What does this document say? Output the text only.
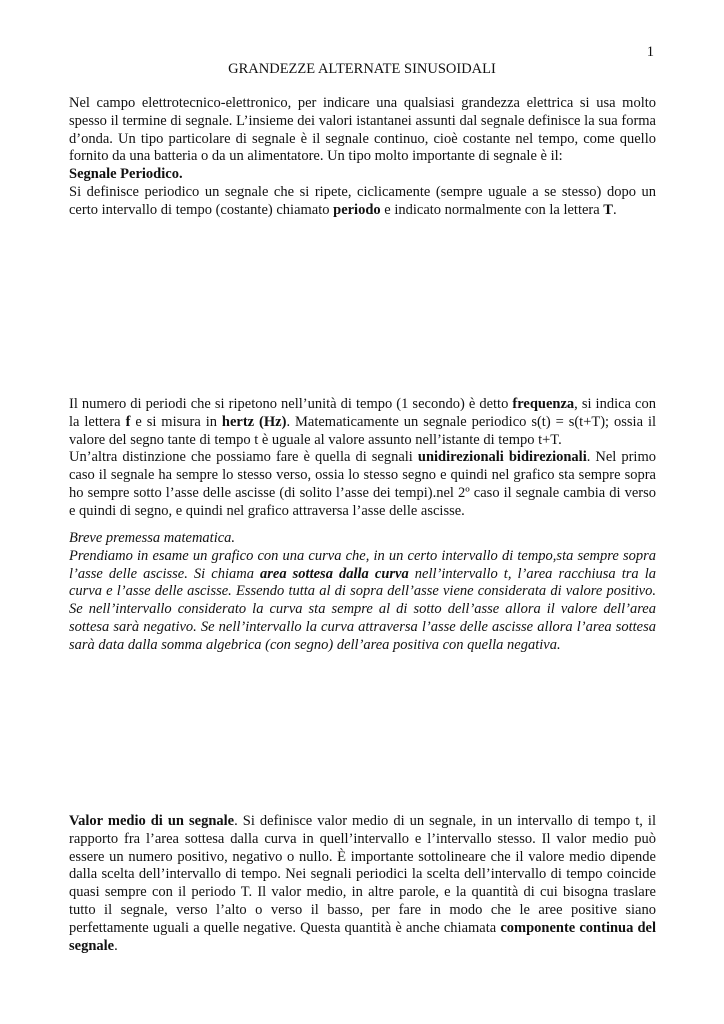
1
GRANDEZZE ALTERNATE SINUSOIDALI
Nel campo elettrotecnico-elettronico, per indicare una qualsiasi grandezza elettrica si usa molto spesso il termine di segnale. L’insieme dei valori istantanei assunti dal segnale definisce la sua forma d’onda. Un tipo particolare di segnale è il segnale continuo, cioè costante nel tempo, come quello fornito da una batteria o da un alimentatore. Un tipo molto importante di segnale è il:
Segnale Periodico.
Si definisce periodico un segnale che si ripete, ciclicamente (sempre uguale a se stesso) dopo un certo intervallo di tempo (costante) chiamato periodo e indicato normalmente con la lettera T.
Il numero di periodi che si ripetono nell’unità di tempo (1 secondo) è detto frequenza, si indica con la lettera f e si misura in hertz (Hz). Matematicamente un segnale periodico s(t) = s(t+T); ossia il valore del segno tante di tempo t è uguale al valore assunto nell’istante di tempo t+T.
Un’altra distinzione che possiamo fare è quella di segnali unidirezionali bidirezionali. Nel primo caso il segnale ha sempre lo stesso verso, ossia lo stesso segno e quindi nel grafico sta sempre sopra ho sempre sotto l’asse delle ascisse (di solito l’asse dei tempi).nel 2º caso il segnale cambia di verso e quindi di segno, e quindi nel grafico attraversa l’asse delle ascisse.
Breve premessa matematica.
Prendiamo in esame un grafico con una curva che, in un certo intervallo di tempo,sta sempre sopra l’asse delle ascisse. Si chiama area sottesa dalla curva nell’intervallo t, l’area racchiusa tra la curva e l’asse delle ascisse. Essendo tutta al di sopra dell’asse viene considerata di valore positivo. Se nell’intervallo considerato la curva sta sempre al di sotto dell’asse allora il valore dell’area sottesa sarà negativo. Se nell’intervallo la curva attraversa l’asse delle ascisse allora l’area sottesa sarà data dalla somma algebrica (con segno) dell’area positiva con quella negativa.
Valor medio di un segnale. Si definisce valor medio di un segnale, in un intervallo di tempo t, il rapporto fra l’area sottesa dalla curva in quell’intervallo e l’intervallo stesso. Il valor medio può essere un numero positivo, negativo o nullo. È importante sottolineare che il valore medio dipende dalla scelta dell’intervallo di tempo. Nei segnali periodici la scelta dell’intervallo di tempo coincide quasi sempre con il periodo T. Il valor medio, in altre parole, e la quantità di cui bisogna traslare tutto il segnale, verso l’alto o verso il basso, per fare in modo che le aree positive siano perfettamente uguali a quelle negative. Questa quantità è anche chiamata componente continua del segnale.
